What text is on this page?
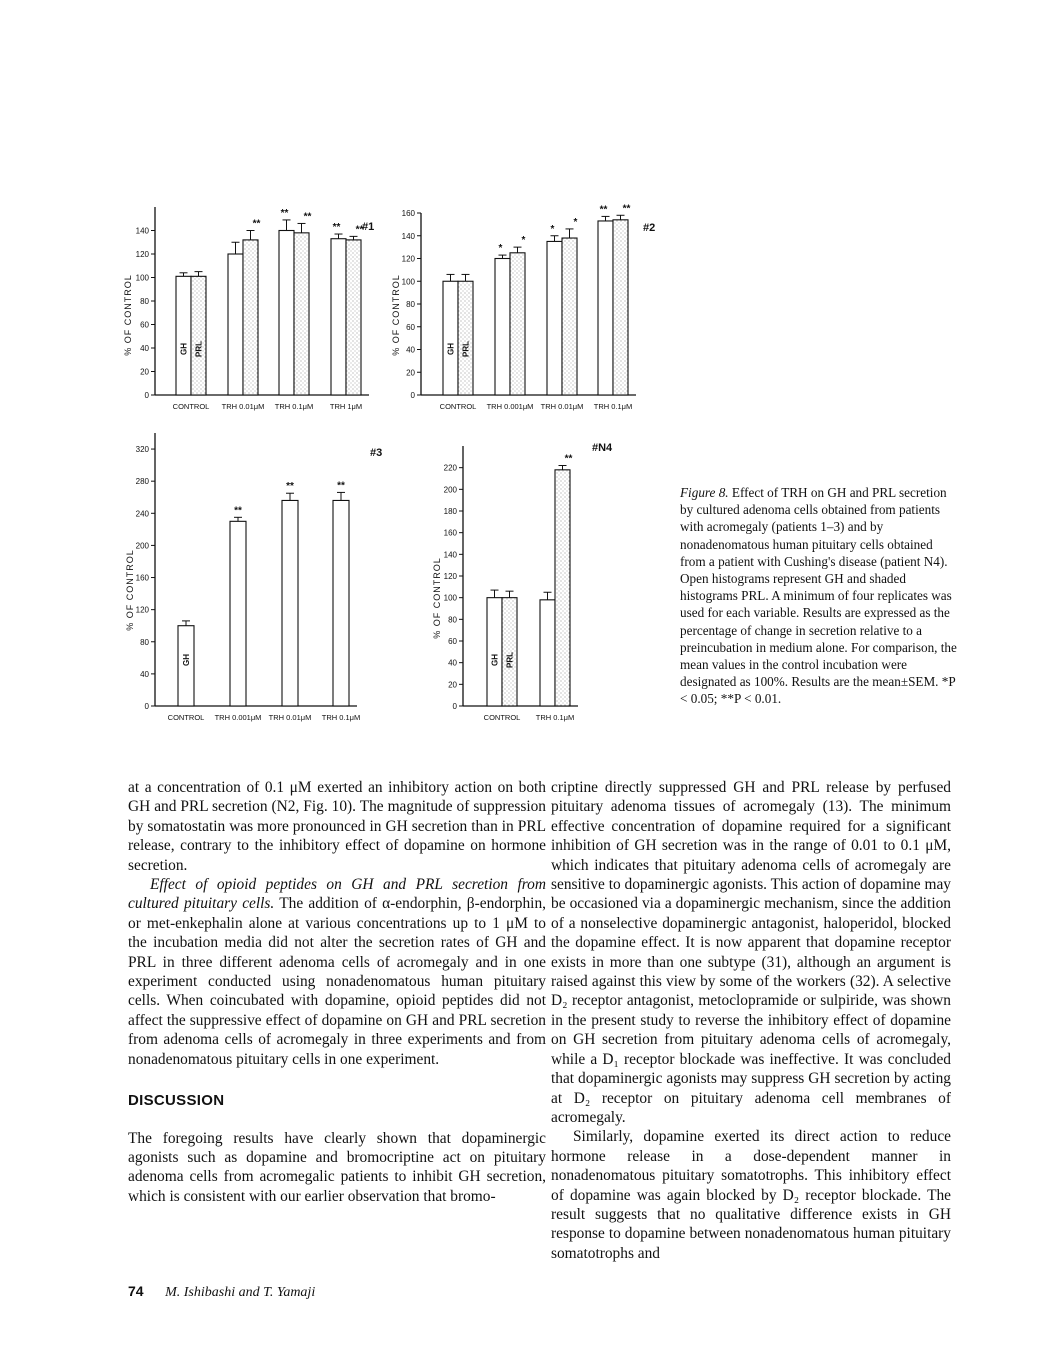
0
20
40
60
80
100
120
140
% OF CONTROL
#1
GH PRL
CONTROL
**
TRH 0.01μM
** **
TRH 0.1μM
** **
TRH 1μM
0
20
40
60
80
100
120
140
160
% OF CONTROL
#2
GH PRL
CONTROL
*
*
TRH 0.001μM
*
*
TRH 0.01μM
** **
TRH 0.1μM
0
40
80
120
160
200
240
280
320
% OF CONTROL
#3
GH
CONTROL
**
TRH 0.001μM
**
TRH 0.01μM
**
TRH 0.1μM
0
20
40
60
80
100
120
140
160
180
200
220
% OF CONTROL
#N4
GH PRL
CONTROL
**
TRH 0.1μM
Figure 8. Effect of TRH on GH and PRL secretion by cultured adenoma cells obtained from patients with acromegaly (patients 1–3) and by nonadenomatous human pituitary cells obtained from a patient with Cushing's disease (patient N4). Open histograms represent GH and shaded histograms PRL. A minimum of four replicates was used for each variable. Results are expressed as the percentage of change in secretion relative to a preincubation in medium alone. For comparison, the mean values in the control incubation were designated as 100%. Results are the mean±SEM. *P < 0.05; **P < 0.01.

at a concentration of 0.1 μM exerted an inhibitory action on both GH and PRL secretion (N2, Fig. 10). The magnitude of suppression by somatostatin was more pronounced in GH secretion than in PRL release, contrary to the inhibitory effect of dopamine on hormone secretion.

Effect of opioid peptides on GH and PRL secretion from cultured pituitary cells. The addition of α-endorphin, β-endorphin, or met-enkephalin alone at various concentrations up to 1 μM to the incubation media did not alter the secretion rates of GH and PRL in three different adenoma cells of acromegaly and in one experiment conducted using nonadenomatous human pituitary cells. When coincubated with dopamine, opioid peptides did not affect the suppressive effect of dopamine on GH and PRL secretion from adenoma cells of acromegaly in three experiments and from nonadenomatous pituitary cells in one experiment.

DISCUSSION

The foregoing results have clearly shown that dopaminergic agonists such as dopamine and bromocriptine act on pituitary adenoma cells from acromegalic patients to inhibit GH secretion, which is consistent with our earlier observation that bromo-

criptine directly suppressed GH and PRL release by perfused pituitary adenoma tissues of acromegaly (13). The minimum effective concentration of dopamine required for a significant inhibition of GH secretion was in the range of 0.01 to 0.1 μM, which indicates that pituitary adenoma cells of acromegaly are sensitive to dopaminergic agonists. This action of dopamine may be occasioned via a dopaminergic mechanism, since the addition of a nonselective dopaminergic antagonist, haloperidol, blocked the dopamine effect. It is now apparent that dopamine receptor exists in more than one subtype (31), although an argument is raised against this view by some of the workers (32). A selective D₂ receptor antagonist, metoclopramide or sulpiride, was shown in the present study to reverse the inhibitory effect of dopamine on GH secretion from pituitary adenoma cells of acromegaly, while a D₁ receptor blockade was ineffective. It was concluded that dopaminergic agonists may suppress GH secretion by acting at D₂ receptor on pituitary adenoma cell membranes of acromegaly.

Similarly, dopamine exerted its direct action to reduce hormone release in a dose-dependent manner in nonadenomatous pituitary somatotrophs. This inhibitory effect of dopamine was again blocked by D₂ receptor blockade. The result suggests that no qualitative difference exists in GH response to dopamine between nonadenomatous human pituitary somatotrophs and

74 M. Ishibashi and T. Yamaji
